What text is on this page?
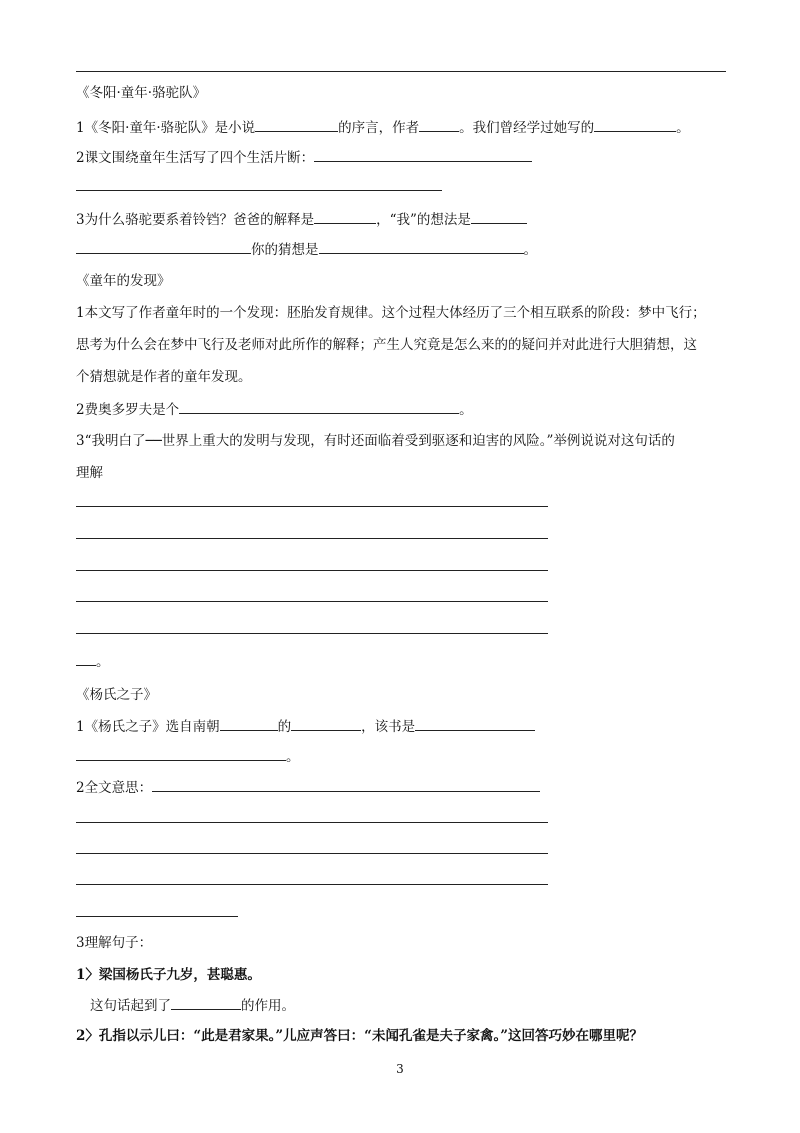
《冬阳·童年·骆驼队》
1《冬阳·童年·骆驼队》是小说	的序言，作者	。我们曾经学过她写的	。
2课文围绕童年生活写了四个生活片断：
3为什么骆驼要系着铃铛？爸爸的解释是	，“我”的想法是
你的猜想是	。
《童年的发现》
1本文写了作者童年时的一个发现：胚胎发育规律。这个过程大体经历了三个相互联系的阶段：梦中飞行；
思考为什么会在梦中飞行及老师对此所作的解释；产生人究竟是怎么来的的疑问并对此进行大胆猜想，这
个猜想就是作者的童年发现。
2费奥多罗夫是个	。
3“我明白了──世界上重大的发明与发现，有时还面临着受到驱逐和迫害的风险。”举例说说对这句话的
理解
。
《杨氏之子》
1《杨氏之子》选自南朝	的	，该书是
。
2全文意思：
3理解句子：
1〉梁国杨氏子九岁，甚聪惠。
这句话起到了	的作用。
2〉孔指以示儿曰：“此是君家果。”儿应声答曰：“未闻孔雀是夫子家禽。”这回答巧妙在哪里呢？
3
